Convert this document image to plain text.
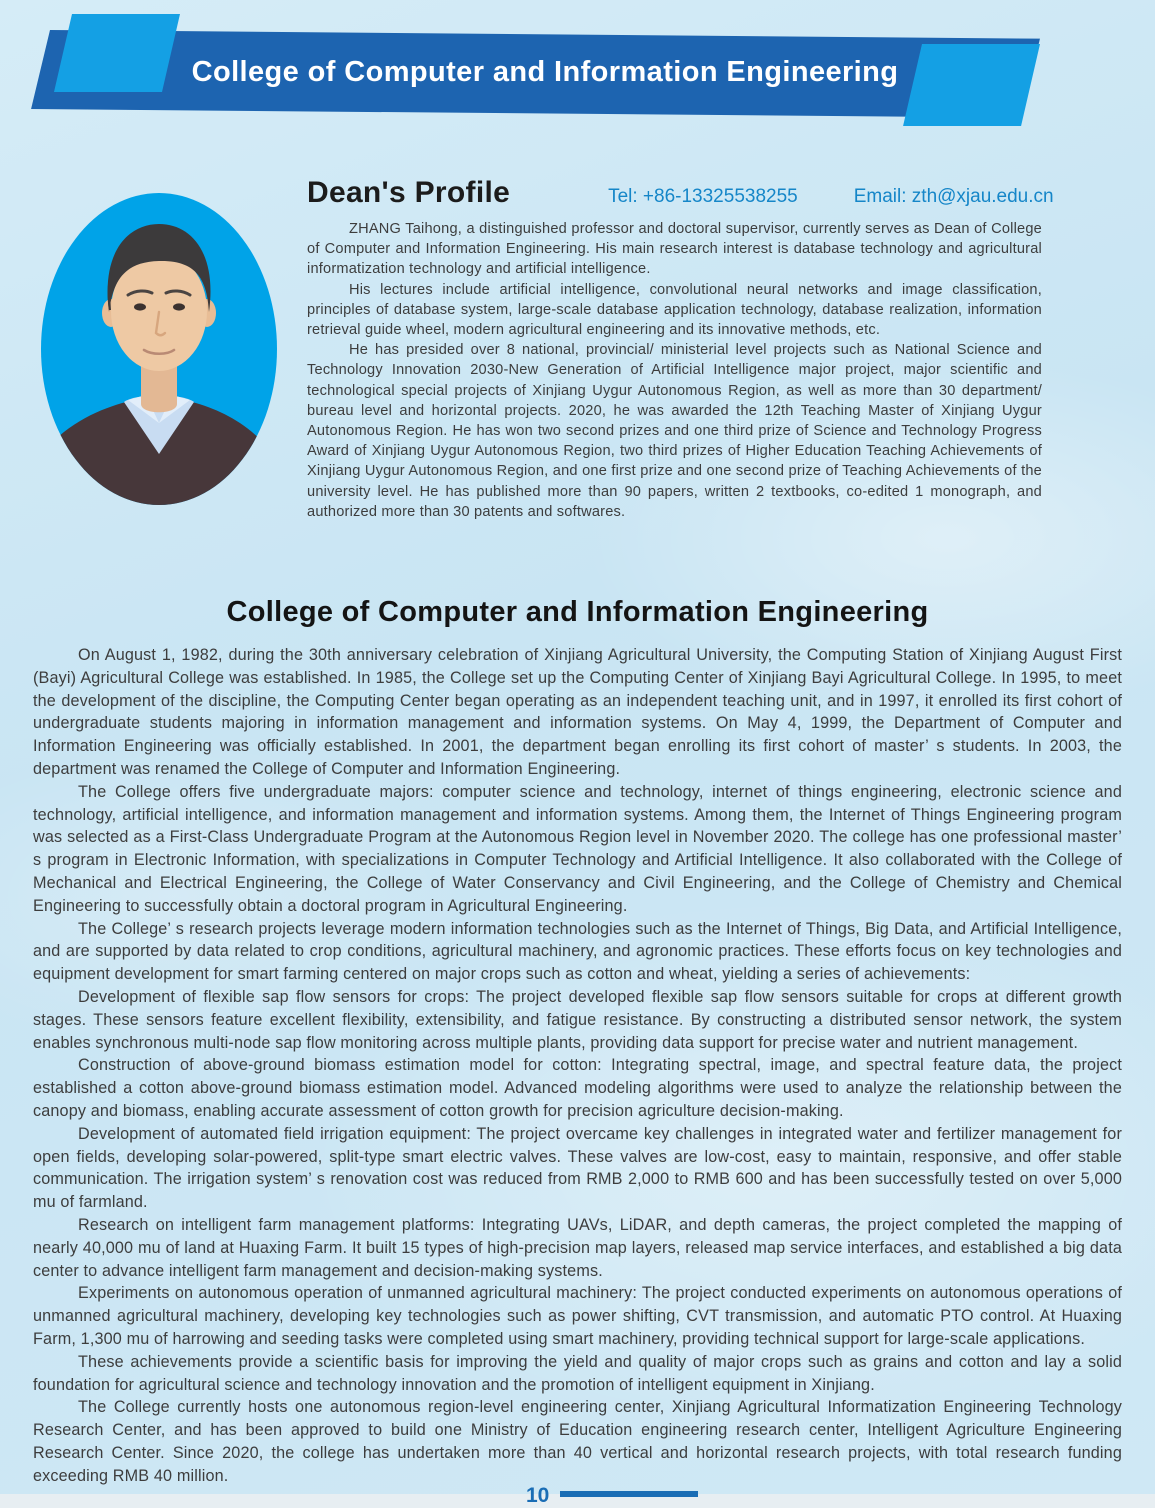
College of Computer and Information Engineering
Dean's Profile	Tel: +86-13325538255	Email: zth@xjau.edu.cn

ZHANG Taihong, a distinguished professor and doctoral supervisor, currently serves as Dean of College of Computer and Information Engineering. His main research interest is database technology and agricultural informatization technology and artificial intelligence.

His lectures include artificial intelligence, convolutional neural networks and image classification, principles of database system, large-scale database application technology, database realization, information retrieval guide wheel, modern agricultural engineering and its innovative methods, etc.

He has presided over 8 national, provincial/ ministerial level projects such as National Science and Technology Innovation 2030-New Generation of Artificial Intelligence major project, major scientific and technological special projects of Xinjiang Uygur Autonomous Region, as well as more than 30 department/ bureau level and horizontal projects. 2020, he was awarded the 12th Teaching Master of Xinjiang Uygur Autonomous Region. He has won two second prizes and one third prize of Science and Technology Progress Award of Xinjiang Uygur Autonomous Region, two third prizes of Higher Education Teaching Achievements of Xinjiang Uygur Autonomous Region, and one first prize and one second prize of Teaching Achievements of the university level. He has published more than 90 papers, written 2 textbooks, co-edited 1 monograph, and authorized more than 30 patents and softwares.

College of Computer and Information Engineering

On August 1, 1982, during the 30th anniversary celebration of Xinjiang Agricultural University, the Computing Station of Xinjiang August First (Bayi) Agricultural College was established. In 1985, the College set up the Computing Center of Xinjiang Bayi Agricultural College. In 1995, to meet the development of the discipline, the Computing Center began operating as an independent teaching unit, and in 1997, it enrolled its first cohort of undergraduate students majoring in information management and information systems. On May 4, 1999, the Department of Computer and Information Engineering was officially established. In 2001, the department began enrolling its first cohort of master’ s students. In 2003, the department was renamed the College of Computer and Information Engineering.

The College offers five undergraduate majors: computer science and technology, internet of things engineering, electronic science and technology, artificial intelligence, and information management and information systems. Among them, the Internet of Things Engineering program was selected as a First-Class Undergraduate Program at the Autonomous Region level in November 2020. The college has one professional master’ s program in Electronic Information, with specializations in Computer Technology and Artificial Intelligence. It also collaborated with the College of Mechanical and Electrical Engineering, the College of Water Conservancy and Civil Engineering, and the College of Chemistry and Chemical Engineering to successfully obtain a doctoral program in Agricultural Engineering.

The College’ s research projects leverage modern information technologies such as the Internet of Things, Big Data, and Artificial Intelligence, and are supported by data related to crop conditions, agricultural machinery, and agronomic practices. These efforts focus on key technologies and equipment development for smart farming centered on major crops such as cotton and wheat, yielding a series of achievements:

Development of flexible sap flow sensors for crops: The project developed flexible sap flow sensors suitable for crops at different growth stages. These sensors feature excellent flexibility, extensibility, and fatigue resistance. By constructing a distributed sensor network, the system enables synchronous multi-node sap flow monitoring across multiple plants, providing data support for precise water and nutrient management.

Construction of above-ground biomass estimation model for cotton: Integrating spectral, image, and spectral feature data, the project established a cotton above-ground biomass estimation model. Advanced modeling algorithms were used to analyze the relationship between the canopy and biomass, enabling accurate assessment of cotton growth for precision agriculture decision-making.

Development of automated field irrigation equipment: The project overcame key challenges in integrated water and fertilizer management for open fields, developing solar-powered, split-type smart electric valves. These valves are low-cost, easy to maintain, responsive, and offer stable communication. The irrigation system’ s renovation cost was reduced from RMB 2,000 to RMB 600 and has been successfully tested on over 5,000 mu of farmland.

Research on intelligent farm management platforms: Integrating UAVs, LiDAR, and depth cameras, the project completed the mapping of nearly 40,000 mu of land at Huaxing Farm. It built 15 types of high-precision map layers, released map service interfaces, and established a big data center to advance intelligent farm management and decision-making systems.

Experiments on autonomous operation of unmanned agricultural machinery: The project conducted experiments on autonomous operations of unmanned agricultural machinery, developing key technologies such as power shifting, CVT transmission, and automatic PTO control. At Huaxing Farm, 1,300 mu of harrowing and seeding tasks were completed using smart machinery, providing technical support for large-scale applications.

These achievements provide a scientific basis for improving the yield and quality of major crops such as grains and cotton and lay a solid foundation for agricultural science and technology innovation and the promotion of intelligent equipment in Xinjiang.

The College currently hosts one autonomous region-level engineering center, Xinjiang Agricultural Informatization Engineering Technology Research Center, and has been approved to build one Ministry of Education engineering research center, Intelligent Agriculture Engineering Research Center. Since 2020, the college has undertaken more than 40 vertical and horizontal research projects, with total research funding exceeding RMB 40 million.

10
